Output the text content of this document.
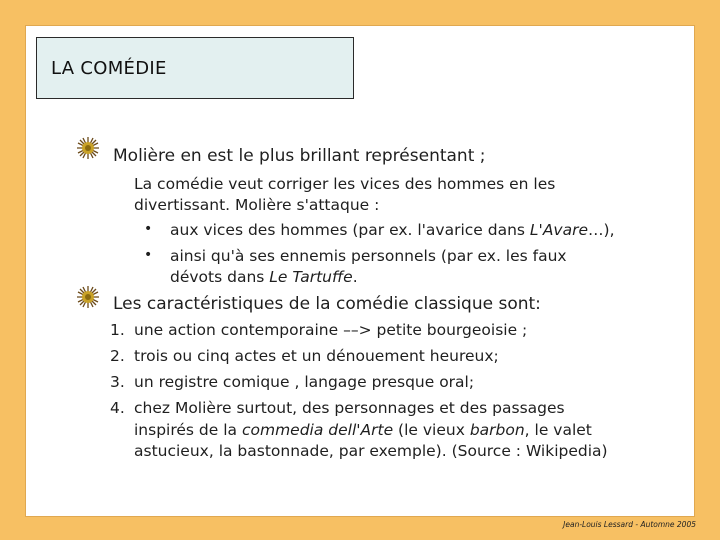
LA COMÉDIE
Molière en est le plus brillant représentant ;
La comédie veut corriger les vices des hommes en les
divertissant. Molière s'attaque :
• aux vices des hommes (par ex. l'avarice dans L'Avare…),
• ainsi qu'à ses ennemis personnels (par ex. les faux
dévots dans Le Tartuffe.
Les caractéristiques de la comédie classique sont:
1. une action contemporaine ––> petite bourgeoisie ;
2. trois ou cinq actes et un dénouement heureux;
3. un registre comique , langage presque oral;
4. chez Molière surtout, des personnages et des passages
inspirés de la commedia dell'Arte (le vieux barbon, le valet
astucieux, la bastonnade, par exemple). (Source : Wikipedia)
Jean-Louis Lessard - Automne 2005
